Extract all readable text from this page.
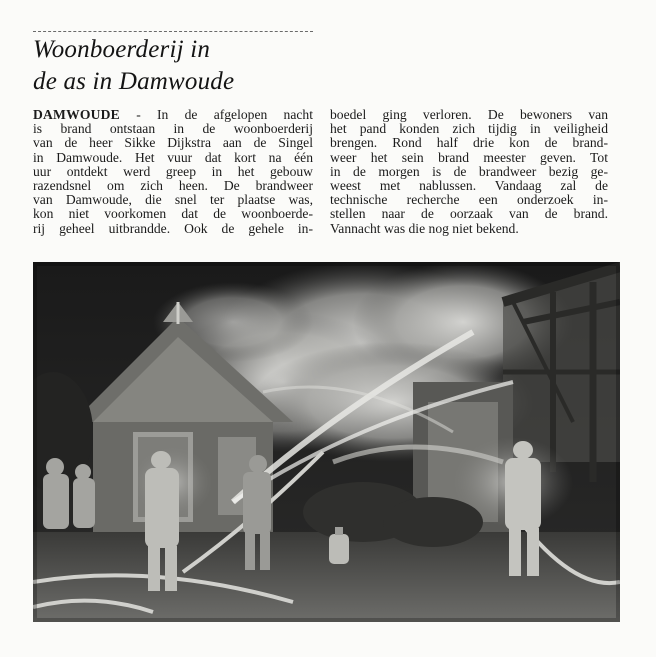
Woonboerderij in
de as in Damwoude
DAMWOUDE - In de afgelopen nacht
is brand ontstaan in de woonboerderij
van de heer Sikke Dijkstra aan de Singel
in Damwoude. Het vuur dat kort na één
uur ontdekt werd greep in het gebouw
razendsnel om zich heen. De brandweer
van Damwoude, die snel ter plaatse was,
kon niet voorkomen dat de woonboerde-
rij geheel uitbrandde. Ook de gehele in-
boedel ging verloren. De bewoners van
het pand konden zich tijdig in veiligheid
brengen. Rond half drie kon de brand-
weer het sein brand meester geven. Tot
in de morgen is de brandweer bezig ge-
weest met nablussen. Vandaag zal de
technische recherche een onderzoek in-
stellen naar de oorzaak van de brand.
Vannacht was die nog niet bekend.
